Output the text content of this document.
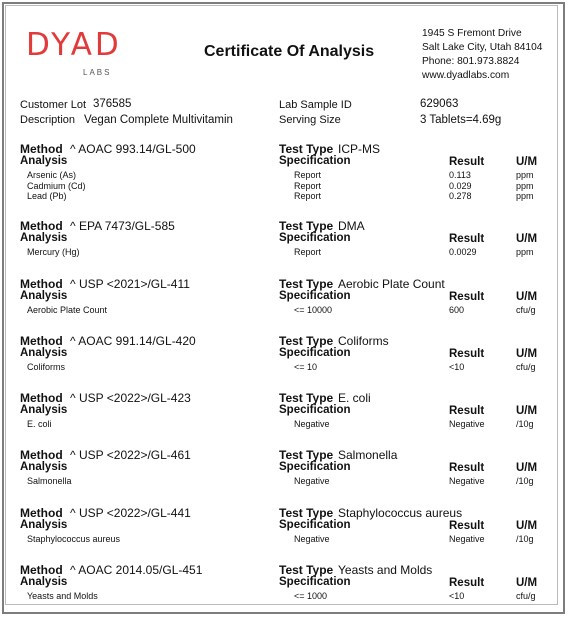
DYAD
LABS
Certificate Of Analysis
1945 S Fremont Drive
Salt Lake City, Utah 84104
Phone: 801.973.8824
www.dyadlabs.com
Customer Lot 376585
Description Vegan Complete Multivitamin
Lab Sample ID	629063
Serving Size	3 Tablets=4.69g
Method ^ AOAC 993.14/GL-500
Analysis
Test Type ICP-MS
Specification	Result	U/M
Arsenic (As)	Report	0.113	ppm
Cadmium (Cd)	Report	0.029	ppm
Lead (Pb)	Report	0.278	ppm
Method ^ EPA 7473/GL-585
Analysis
Test Type DMA
Specification	Result	U/M
Mercury (Hg)	Report	0.0029	ppm
Method ^ USP <2021>/GL-411
Analysis
Test Type Aerobic Plate Count
Specification	Result	U/M
Aerobic Plate Count	<= 10000	600	cfu/g
Method ^ AOAC 991.14/GL-420
Analysis
Test Type Coliforms
Specification	Result	U/M
Coliforms	<= 10	<10	cfu/g
Method ^ USP <2022>/GL-423
Analysis
Test Type E. coli
Specification	Result	U/M
E. coli	Negative	Negative	/10g
Method ^ USP <2022>/GL-461
Analysis
Test Type Salmonella
Specification	Result	U/M
Salmonella	Negative	Negative	/10g
Method ^ USP <2022>/GL-441
Analysis
Test Type Staphylococcus aureus
Specification	Result	U/M
Staphylococcus aureus	Negative	Negative	/10g
Method ^ AOAC 2014.05/GL-451
Analysis
Test Type Yeasts and Molds
Specification	Result	U/M
Yeasts and Molds	<= 1000	<10	cfu/g
